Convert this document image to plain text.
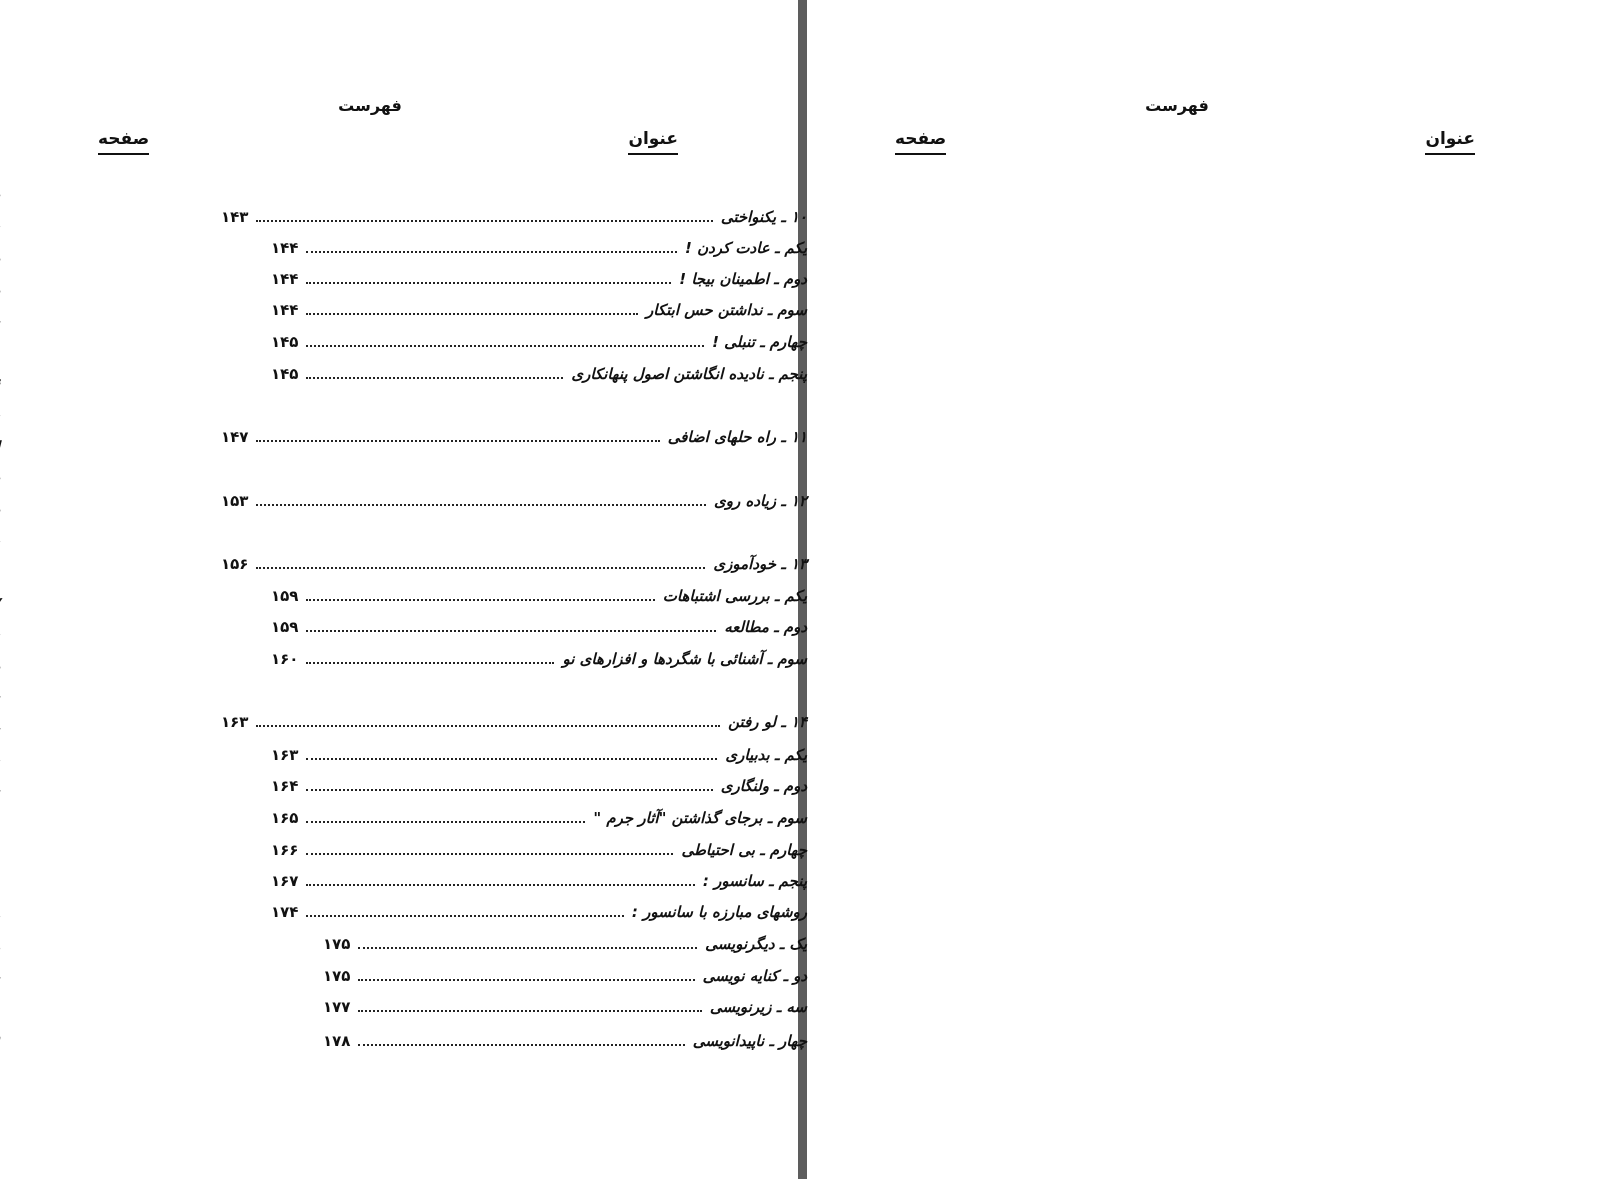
فهرست
عنوان
صفحه
فهرست
عنوان
صفحه
۱۰ ـ یکنواختی
۱۴۳
یکم ـ عادت کردن !
۱۴۴
دوم ـ اطمینان بیجا !
۱۴۴
سوم ـ نداشتن حس ابتکار
۱۴۴
چهارم ـ تنبلی !
۱۴۵
پنجم ـ نادیده انگاشتن اصول پنهانکاری
۱۴۵
۱۱ ـ راه حلهای اضافی
۱۴۷
۱۲ ـ زیاده روی
۱۵۳
۱۳ ـ خودآموزی
۱۵۶
یکم ـ بررسی اشتباهات
۱۵۹
دوم ـ مطالعه
۱۵۹
سوم ـ آشنائی با شگردها و افزارهای نو
۱۶۰
۱۴ ـ لو رفتن
۱۶۳
یکم ـ بدبیاری
۱۶۳
دوم ـ ولنگاری
۱۶۴
سوم ـ برجای گذاشتن "آثار جرم "
۱۶۵
چهارم ـ بی احتیاطی
۱۶۶
پنجم ـ سانسور :
۱۶۷
روشهای مبارزه با سانسور :
۱۷۴
یک ـ دیگرنویسی
۱۷۵
دو ـ کنایه نویسی
۱۷۵
سه ـ زیرنویسی
۱۷۷
چهار ـ ناپیدانویسی
۱۷۸
